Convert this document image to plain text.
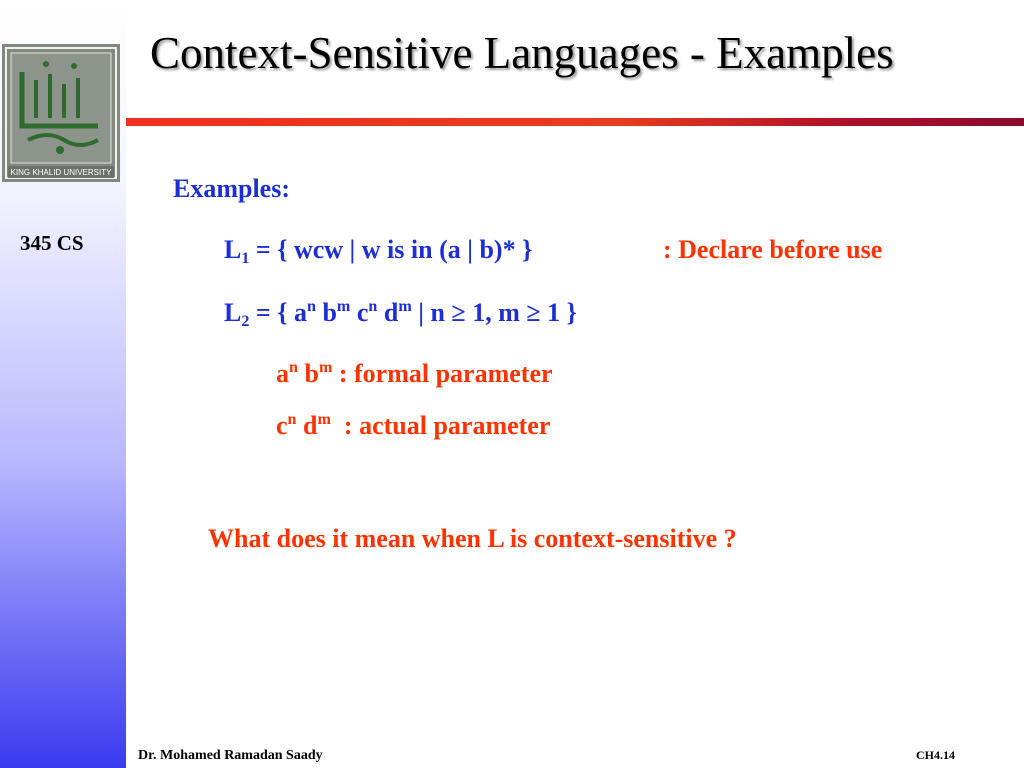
KING KHALID UNIVERSITY
345 CS
Context-Sensitive Languages - Examples
Examples:
$L_1$ = { wcw | w is in (a | b)* }	: Declare before use
$L_2$ = { $a^n$ $b^m$ $c^n$ $d^m$ | n ≥ 1, m ≥ 1 }
$a^n$ $b^m$ : formal parameter
$c^n$ $d^m$  : actual parameter
What does it mean when L is context-sensitive ?
Dr. Mohamed Ramadan Saady	CH4.14
